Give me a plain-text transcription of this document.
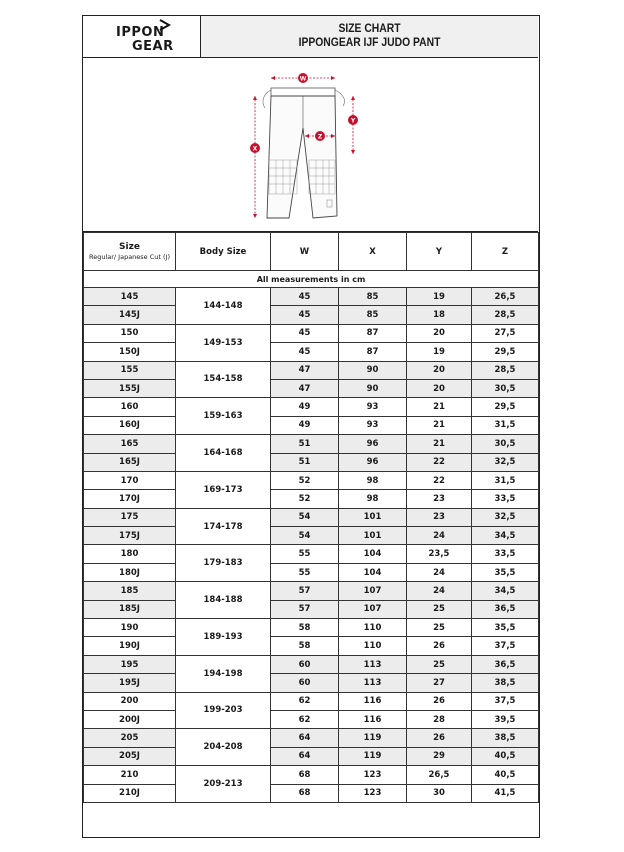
IPPON
GEAR
SIZE CHART
IPPONGEAR IJF JUDO PANT
W
Y
Z
X
Size
Regular/ Japanese Cut (J)	Body Size	W	X	Y	Z
All measurements in cm					
145	144-148	45	85	19	26,5
145J		45	85	18	28,5
150	149-153	45	87	20	27,5
150J		45	87	19	29,5
155	154-158	47	90	20	28,5
155J		47	90	20	30,5
160	159-163	49	93	21	29,5
160J		49	93	21	31,5
165	164-168	51	96	21	30,5
165J		51	96	22	32,5
170	169-173	52	98	22	31,5
170J		52	98	23	33,5
175	174-178	54	101	23	32,5
175J		54	101	24	34,5
180	179-183	55	104	23,5	33,5
180J		55	104	24	35,5
185	184-188	57	107	24	34,5
185J		57	107	25	36,5
190	189-193	58	110	25	35,5
190J		58	110	26	37,5
195	194-198	60	113	25	36,5
195J		60	113	27	38,5
200	199-203	62	116	26	37,5
200J		62	116	28	39,5
205	204-208	64	119	26	38,5
205J		64	119	29	40,5
210	209-213	68	123	26,5	40,5
210J		68	123	30	41,5
